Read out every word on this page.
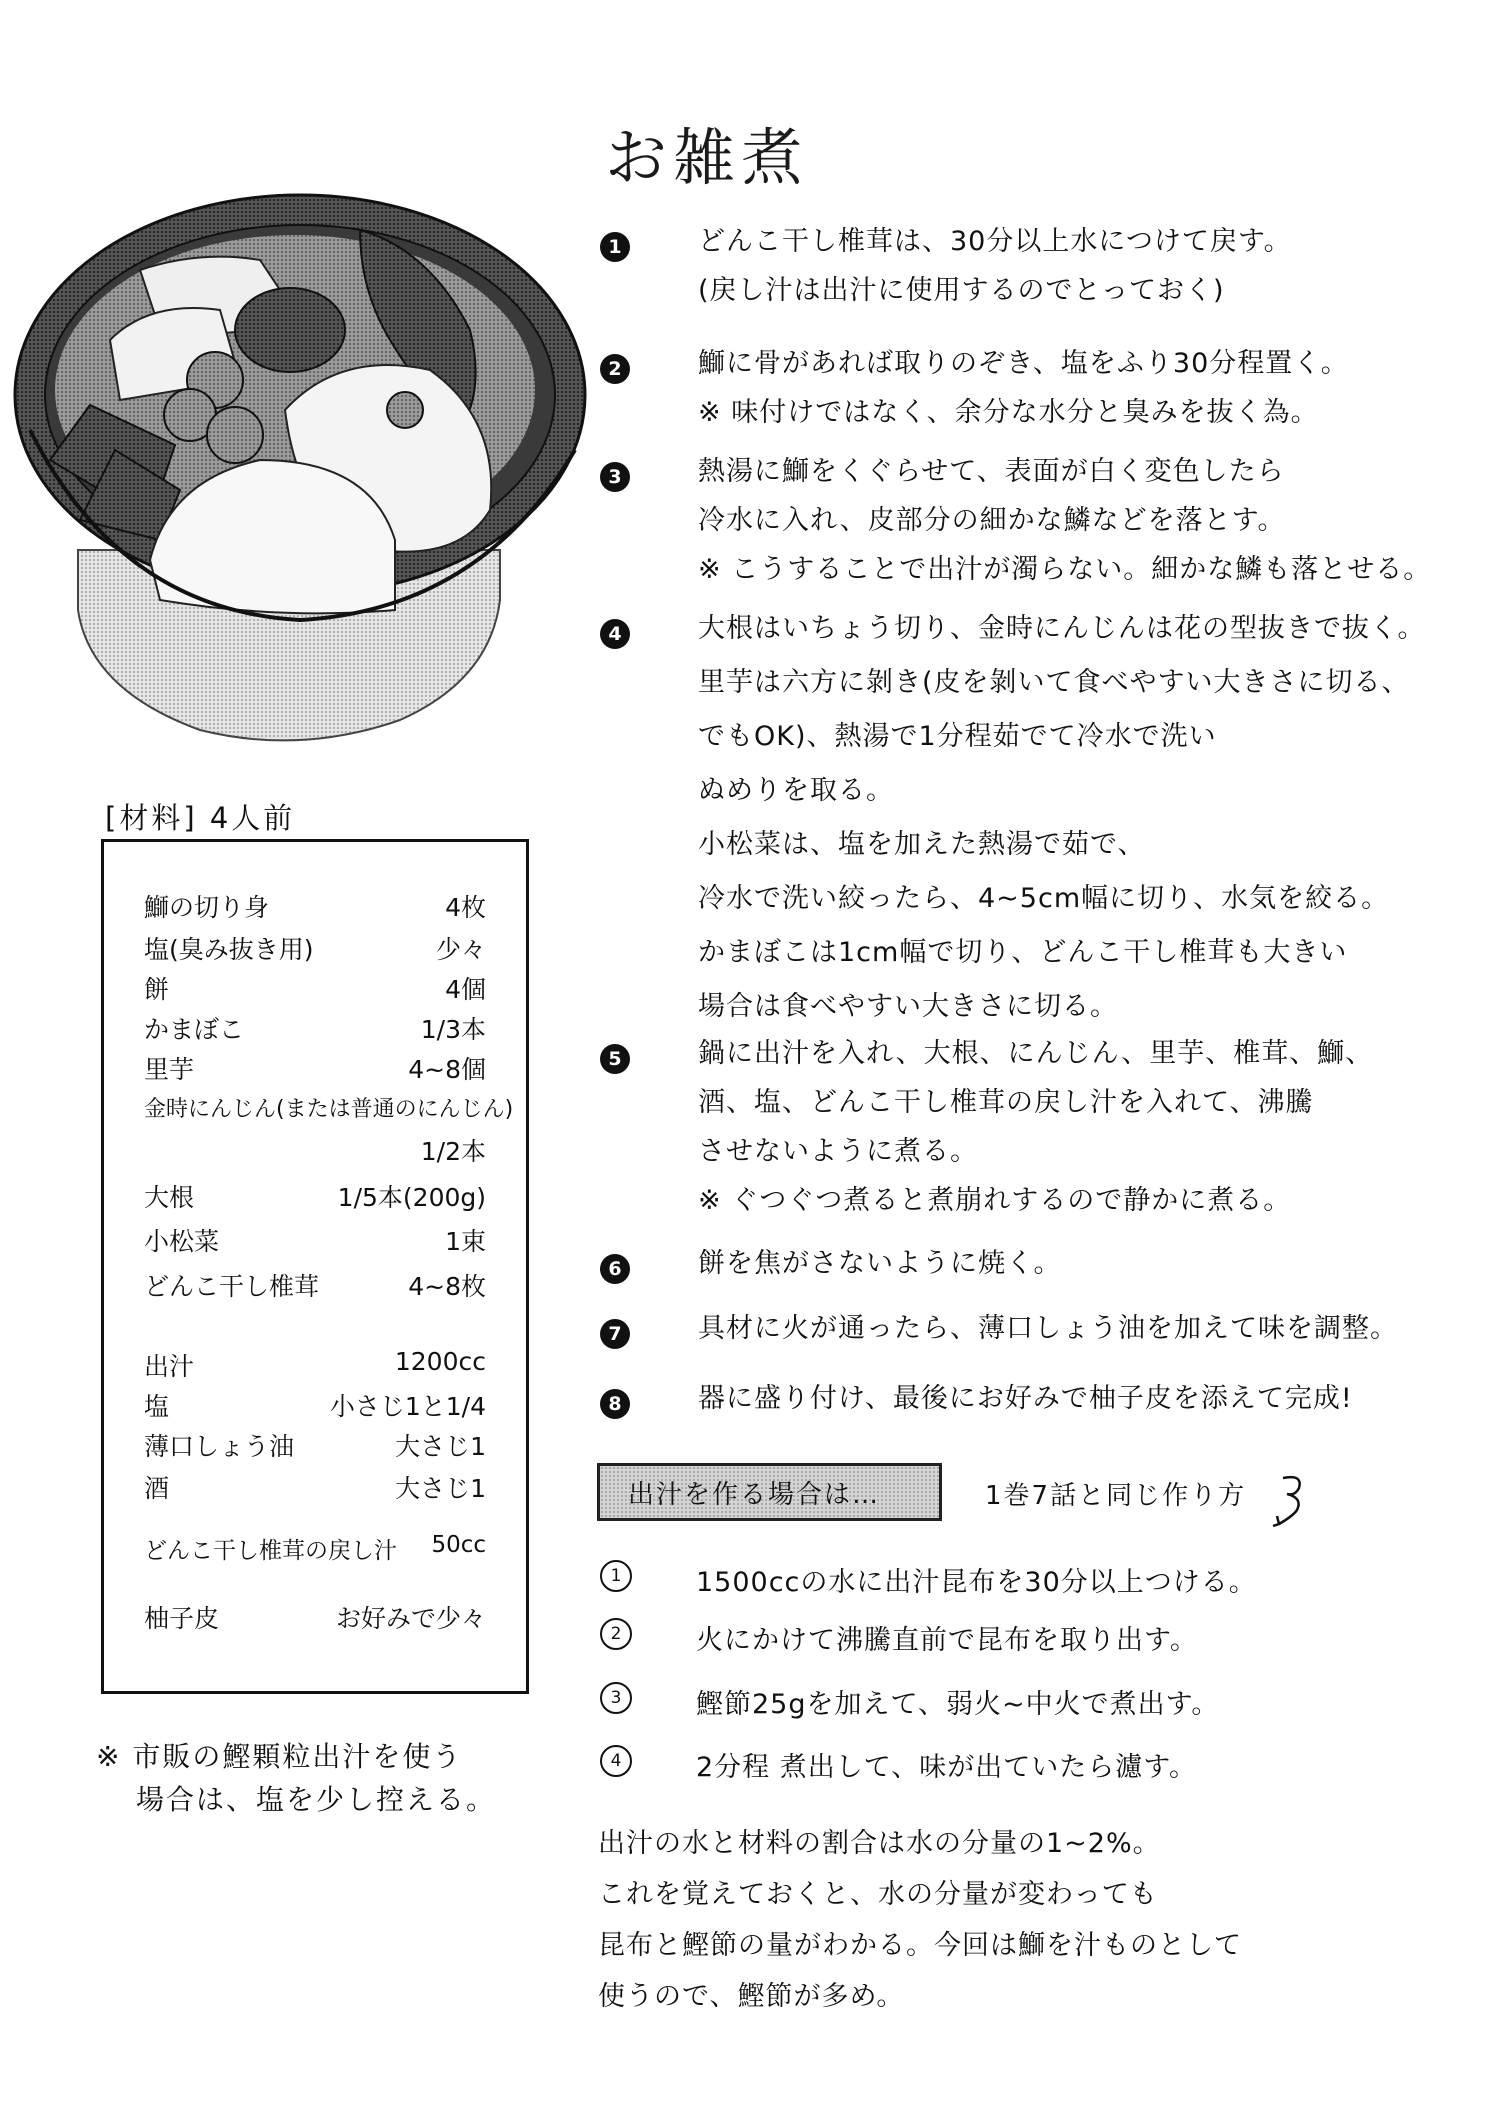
お雑煮
1	どんこ干し椎茸は、30分以上水につけて戻す。
(戻し汁は出汁に使用するのでとっておく)
2	鰤に骨があれば取りのぞき、塩をふり30分程置く。
※ 味付けではなく、余分な水分と臭みを抜く為。
3	熱湯に鰤をくぐらせて、表面が白く変色したら
冷水に入れ、皮部分の細かな鱗などを落とす。
※ こうすることで出汁が濁らない。細かな鱗も落とせる。
4	大根はいちょう切り、金時にんじんは花の型抜きで抜く。
里芋は六方に剝き(皮を剝いて食べやすい大きさに切る、
でもOK)、熱湯で1分程茹でて冷水で洗い
ぬめりを取る。
小松菜は、塩を加えた熱湯で茹で、
冷水で洗い絞ったら、4~5cm幅に切り、水気を絞る。
かまぼこは1cm幅で切り、どんこ干し椎茸も大きい
場合は食べやすい大きさに切る。
5	鍋に出汁を入れ、大根、にんじん、里芋、椎茸、鰤、
酒、塩、どんこ干し椎茸の戻し汁を入れて、沸騰
させないように煮る。
※ ぐつぐつ煮ると煮崩れするので静かに煮る。
6	餅を焦がさないように焼く。
7	具材に火が通ったら、薄口しょう油を加えて味を調整。
8	器に盛り付け、最後にお好みで柚子皮を添えて完成!
出汁を作る場合は…	1巻7話と同じ作り方
1	1500ccの水に出汁昆布を30分以上つける。
2	火にかけて沸騰直前で昆布を取り出す。
3	鰹節25gを加えて、弱火~中火で煮出す。
4	2分程 煮出して、味が出ていたら濾す。
出汁の水と材料の割合は水の分量の1~2%。
これを覚えておくと、水の分量が変わっても
昆布と鰹節の量がわかる。今回は鰤を汁ものとして
使うので、鰹節が多め。
[材料] 4人前
鰤の切り身	4枚
塩(臭み抜き用)	少々
餅	4個
かまぼこ	1/3本
里芋	4~8個
金時にんじん(または普通のにんじん)
1/2本
大根	1/5本(200g)
小松菜	1束
どんこ干し椎茸	4~8枚
出汁	1200cc
塩	小さじ1と1/4
薄口しょう油	大さじ1
酒	大さじ1
どんこ干し椎茸の戻し汁 50cc
柚子皮	お好みで少々
※ 市販の鰹顆粒出汁を使う
場合は、塩を少し控える。
